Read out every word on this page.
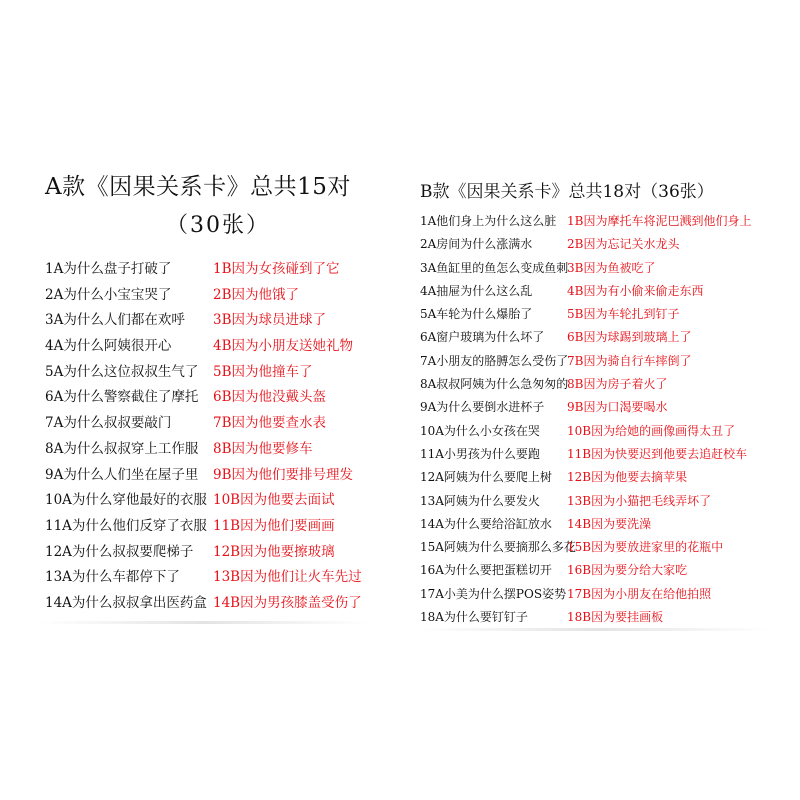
A款《因果关系卡》总共15对
（30张）
1A为什么盘子打破了	1B因为女孩碰到了它
2A为什么小宝宝哭了	2B因为他饿了
3A为什么人们都在欢呼 3B因为球员进球了
4A为什么阿姨很开心	4B因为小朋友送她礼物
5A为什么这位叔叔生气了 5B因为他撞车了
6A为什么警察截住了摩托 6B因为他没戴头盔
7A为什么叔叔要敲门	7B因为他要查水表
8A为什么叔叔穿上工作服 8B因为他要修车
9A为什么人们坐在屋子里 9B因为他们要排号理发
10A为什么穿他最好的衣服 10B因为他要去面试
11A为什么他们反穿了衣服 11B因为他们要画画
12A为什么叔叔要爬梯子 12B因为他要擦玻璃
13A为什么车都停下了 13B因为他们让火车先过
14A为什么叔叔拿出医药盒 14B因为男孩膝盖受伤了
B款《因果关系卡》总共18对（36张）
1A他们身上为什么这么脏 1B因为摩托车将泥巴溅到他们身上
2A房间为什么涨满水	2B因为忘记关水龙头
3A鱼缸里的鱼怎么变成鱼刺3B因为鱼被吃了
4A抽屉为什么这么乱	4B因为有小偷来偷走东西
5A车轮为什么爆胎了	5B因为车轮扎到钉子
6A窗户玻璃为什么坏了 6B因为球踢到玻璃上了
7A小朋友的胳膊怎么受伤了7B因为骑自行车摔倒了
8A叔叔阿姨为什么急匆匆的8B因为房子着火了
9A为什么要倒水进杯子 9B因为口渴要喝水
10A为什么小女孩在哭 10B因为给她的画像画得太丑了
11A小男孩为什么要跑 11B因为快要迟到他要去追赶校车
12A阿姨为什么要爬上树 12B因为他要去摘苹果
13A阿姨为什么要发火 13B因为小猫把毛线弄坏了
14A为什么要给浴缸放水 14B因为要洗澡
15A阿姨为什么要摘那么多花15B因为要放进家里的花瓶中
16A为什么要把蛋糕切开 16B因为要分给大家吃
17A小美为什么摆POS姿势17B因为小朋友在给他拍照
18A为什么要钉钉子	18B因为要挂画板
